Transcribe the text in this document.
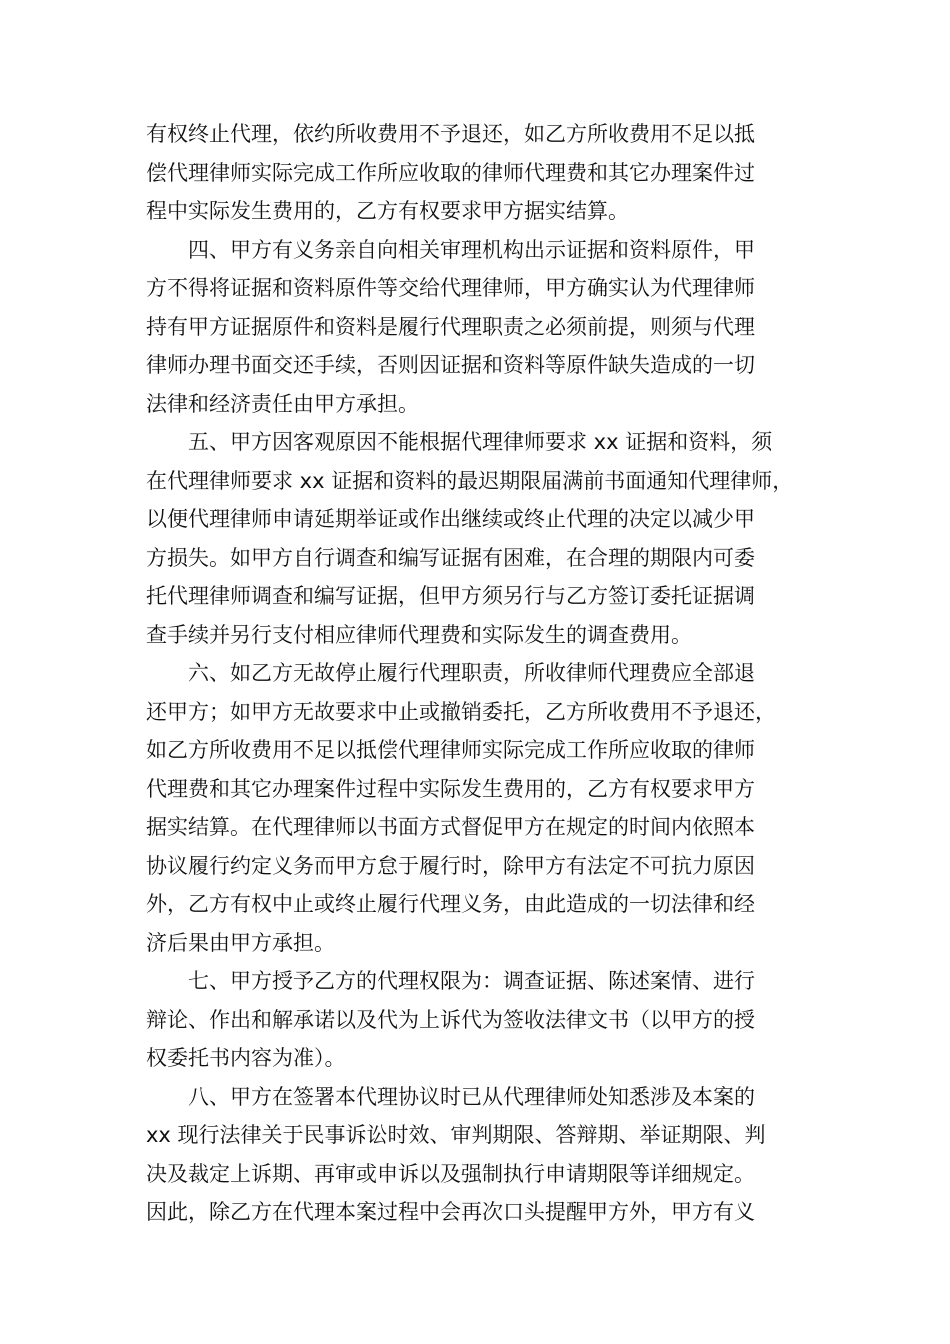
有权终止代理，依约所收费用不予退还，如乙方所收费用不足以抵
偿代理律师实际完成工作所应收取的律师代理费和其它办理案件过
程中实际发生费用的，乙方有权要求甲方据实结算。
四、甲方有义务亲自向相关审理机构出示证据和资料原件，甲
方不得将证据和资料原件等交给代理律师，甲方确实认为代理律师
持有甲方证据原件和资料是履行代理职责之必须前提，则须与代理
律师办理书面交还手续，否则因证据和资料等原件缺失造成的一切
法律和经济责任由甲方承担。
五、甲方因客观原因不能根据代理律师要求 xx 证据和资料，须
在代理律师要求 xx 证据和资料的最迟期限届满前书面通知代理律师，
以便代理律师申请延期举证或作出继续或终止代理的决定以减少甲
方损失。如甲方自行调查和编写证据有困难，在合理的期限内可委
托代理律师调查和编写证据，但甲方须另行与乙方签订委托证据调
查手续并另行支付相应律师代理费和实际发生的调查费用。
六、如乙方无故停止履行代理职责，所收律师代理费应全部退
还甲方；如甲方无故要求中止或撤销委托，乙方所收费用不予退还，
如乙方所收费用不足以抵偿代理律师实际完成工作所应收取的律师
代理费和其它办理案件过程中实际发生费用的，乙方有权要求甲方
据实结算。在代理律师以书面方式督促甲方在规定的时间内依照本
协议履行约定义务而甲方怠于履行时，除甲方有法定不可抗力原因
外，乙方有权中止或终止履行代理义务，由此造成的一切法律和经
济后果由甲方承担。
七、甲方授予乙方的代理权限为：调查证据、陈述案情、进行
辩论、作出和解承诺以及代为上诉代为签收法律文书（以甲方的授
权委托书内容为准）。
八、甲方在签署本代理协议时已从代理律师处知悉涉及本案的
xx 现行法律关于民事诉讼时效、审判期限、答辩期、举证期限、判
决及裁定上诉期、再审或申诉以及强制执行申请期限等详细规定。
因此，除乙方在代理本案过程中会再次口头提醒甲方外，甲方有义
